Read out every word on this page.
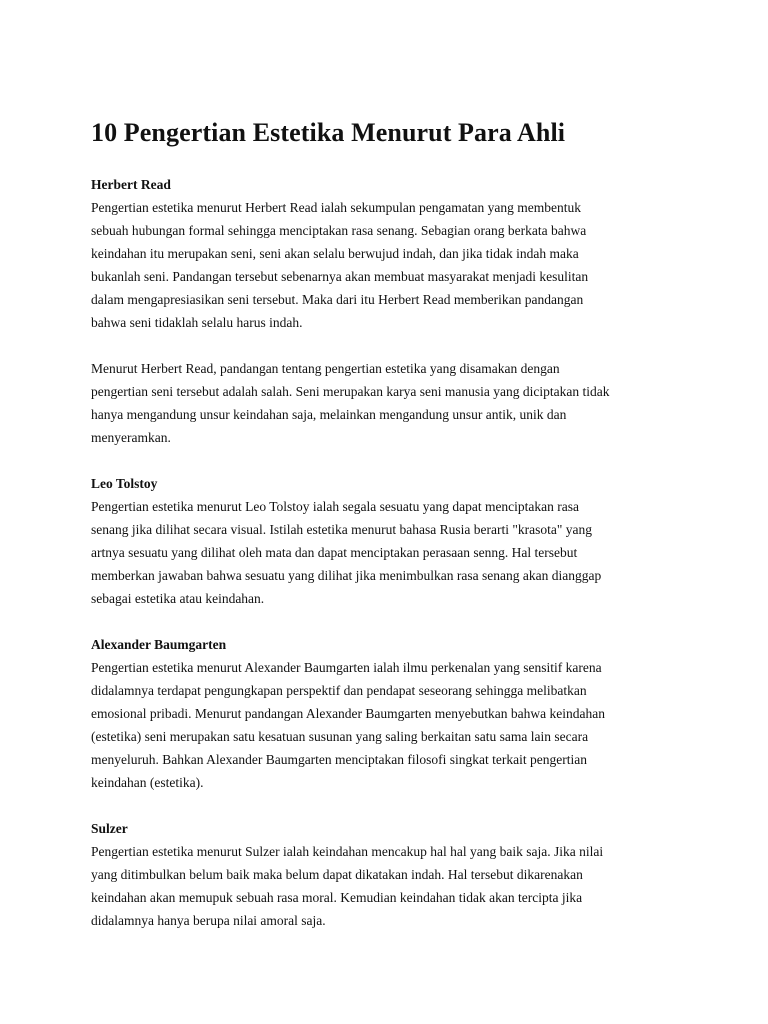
10 Pengertian Estetika Menurut Para Ahli
Herbert Read

Pengertian estetika menurut Herbert Read ialah sekumpulan pengamatan yang membentuk
sebuah hubungan formal sehingga menciptakan rasa senang. Sebagian orang berkata bahwa
keindahan itu merupakan seni, seni akan selalu berwujud indah, dan jika tidak indah maka
bukanlah seni. Pandangan tersebut sebenarnya akan membuat masyarakat menjadi kesulitan
dalam mengapresiasikan seni tersebut. Maka dari itu Herbert Read memberikan pandangan
bahwa seni tidaklah selalu harus indah.

Menurut Herbert Read, pandangan tentang pengertian estetika yang disamakan dengan
pengertian seni tersebut adalah salah. Seni merupakan karya seni manusia yang diciptakan tidak
hanya mengandung unsur keindahan saja, melainkan mengandung unsur antik, unik dan
menyeramkan.

Leo Tolstoy

Pengertian estetika menurut Leo Tolstoy ialah segala sesuatu yang dapat menciptakan rasa
senang jika dilihat secara visual. Istilah estetika menurut bahasa Rusia berarti "krasota" yang
artnya sesuatu yang dilihat oleh mata dan dapat menciptakan perasaan senng. Hal tersebut
memberkan jawaban bahwa sesuatu yang dilihat jika menimbulkan rasa senang akan dianggap
sebagai estetika atau keindahan.

Alexander Baumgarten

Pengertian estetika menurut Alexander Baumgarten ialah ilmu perkenalan yang sensitif karena
didalamnya terdapat pengungkapan perspektif dan pendapat seseorang sehingga melibatkan
emosional pribadi. Menurut pandangan Alexander Baumgarten menyebutkan bahwa keindahan
(estetika) seni merupakan satu kesatuan susunan yang saling berkaitan satu sama lain secara
menyeluruh. Bahkan Alexander Baumgarten menciptakan filosofi singkat terkait pengertian
keindahan (estetika).

Sulzer

Pengertian estetika menurut Sulzer ialah keindahan mencakup hal hal yang baik saja. Jika nilai
yang ditimbulkan belum baik maka belum dapat dikatakan indah. Hal tersebut dikarenakan
keindahan akan memupuk sebuah rasa moral. Kemudian keindahan tidak akan tercipta jika
didalamnya hanya berupa nilai amoral saja.
